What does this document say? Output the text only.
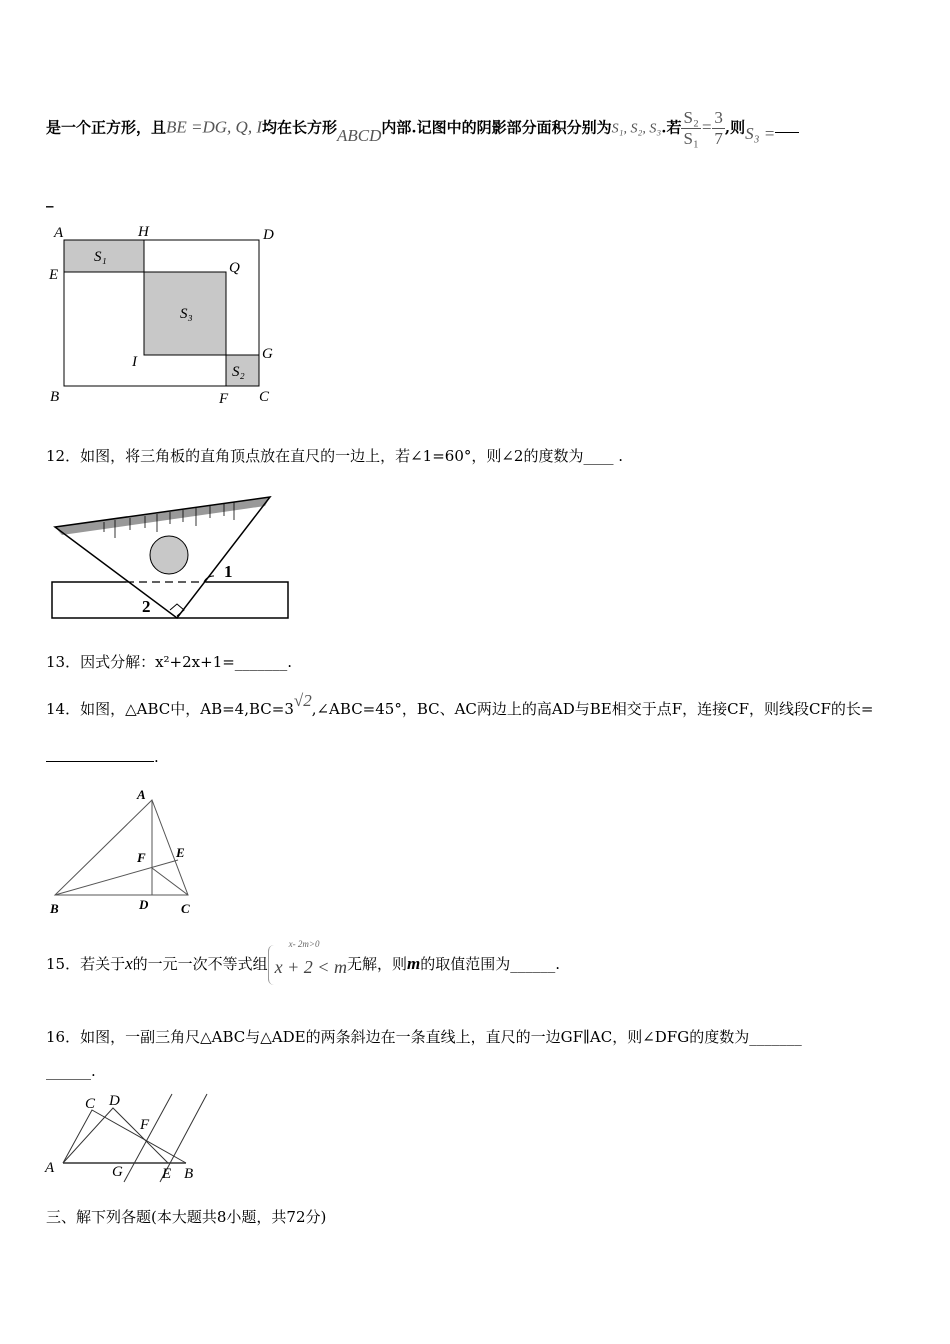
是一个正方形，且BE =DG, Q, I均在长方形ABCD内部.记图中的阴影部分面积分别为S₁, S₂, S₃.若 $\frac{\text{S₂}}{\text{S₁}}= \frac{3}{7}$,则S₃ =
_
A	H	D
E	Q
I	G
B	F C
S₁
S₃
S₂
12．如图，将三角板的直角顶点放在直尺的一边上，若∠1=60°，则∠2的度数为____ .
1
2
13．因式分解：x²+2x+1=_______.
14．如图，△ABC中，AB=4,BC=3√2,∠ABC=45°，BC、AC两边上的高AD与BE相交于点F，连接CF，则线段CF的长=
.
A
B	C
D
E
F
15．若关于x的一元一次不等式组
x- 2m>0
x + 2 < m 无解，则m的取值范围为______.
16．如图，一副三角尺△ABC与△ADE的两条斜边在一条直线上，直尺的一边GF∥AC，则∠DFG的度数为_______
______.
A	B
C D
E
F
G
三、解下列各题(本大题共8小题，共72分)
